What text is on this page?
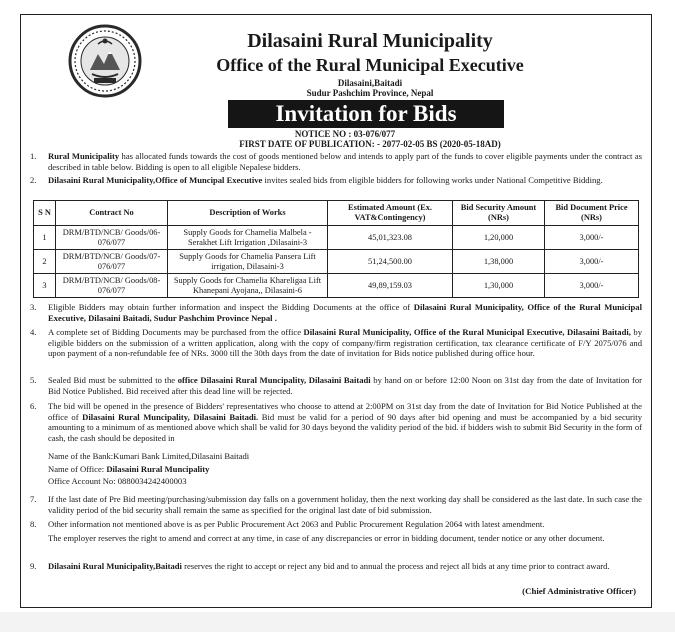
Dilasaini Rural Municipality
Office of the Rural Municipal Executive
Dilasaini,Baitadi
Sudur Pashchim Province, Nepal
Invitation for Bids
NOTICE NO : 03-076/077
FIRST DATE OF PUBLICATION: - 2077-02-05 BS (2020-05-18AD)
1.	Rural Municipality has allocated funds towards the cost of goods mentioned below and intends to apply part of the funds to cover eligible payments under the contract as described in table below. Bidding is open to all eligible Nepalese bidders.
2.	Dilasaini Rural Municipality,Office of Muncipal Executive invites sealed bids from eligible bidders for following works under National Competitive Bidding.
S N	Contract No	Description of Works	Estimated Amount (Ex. VAT&Contingency)	Bid Security Amount (NRs)	Bid Document Price (NRs)
1	DRM/BTD/NCB/ Goods/06-076/077	Supply Goods for Chamelia Malbela -Serakhet Lift Irrigation ,Dilasaini-3	45,01,323.08	1,20,000	3,000/-
2	DRM/BTD/NCB/ Goods/07-076/077	Supply Goods for Chamelia Pansera Lift irrigation, Dilasaini-3	51,24,500.00	1,38,000	3,000/-
3	DRM/BTD/NCB/ Goods/08-076/077	Supply Goods for Chamelia Khareligaa Lift Khanepani Ayojana,, Dilasaini-6	49,89,159.03	1,30,000	3,000/-
3.	Eligible Bidders may obtain further information and inspect the Bidding Documents at the office of Dilasaini Rural Municipality, Office of the Rural Municipal Executive, Dilasaini Baitadi, Sudur Pashchim Province Nepal .
4.	A complete set of Bidding Documents may be purchased from the office Dilasaini Rural Municipality, Office of the Rural Municipal Executive, Dilasaini Baitadi, by eligible bidders on the submission of a written application, along with the copy of company/firm registration certification, tax clearance certificate of F/Y 2075/076 and upon payment of a non-refundable fee of NRs. 3000 till the 30th days from the date of invitation for Bids notice published during office hour.
5.	Sealed Bid must be submitted to the office Dilasaini Rural Muncipality, Dilasaini Baitadi by hand on or before 12:00 Noon on 31st day from the date of Invitation for Bid Notice Published. Bid received after this dead line will be rejected.
6.	The bid will be opened in the presence of Bidders' representatives who choose to attend at 2:00PM on 31st day from the date of Invitation for Bid Notice Published at the office of Dilasaini Rural Muncipality, Dilasaini Baitadi. Bid must be valid for a period of 90 days after bid opening and must be accompanied by a bid security amounting to a minimum of as mentioned above which shall be valid for 30 days beyond the validity period of the bid. if bidders wish to submit Bid Security in the form of cash, the cash should be deposited in
Name of the Bank:Kumari Bank Limited,Dilasaini Baitadi
Name of Office: Dilasaini Rural Muncipality
Office Account No: 0880034242400003
7.	If the last date of Pre Bid meeting/purchasing/submission day falls on a government holiday, then the next working day shall be considered as the last date. In such case the validity period of the bid security shall remain the same as specified for the original last date of bid submission.
8.	Other information not mentioned above is as per Public Procurement Act 2063 and Public Procurement Regulation 2064 with latest amendment.
The employer reserves the right to amend and correct at any time, in case of any discrepancies or error in bidding document, tender notice or any other document.
9.	Dilasaini Rural Municipality,Baitadi reserves the right to accept or reject any bid and to annual the process and reject all bids at any time prior to contract award.
(Chief Administrative Officer)
